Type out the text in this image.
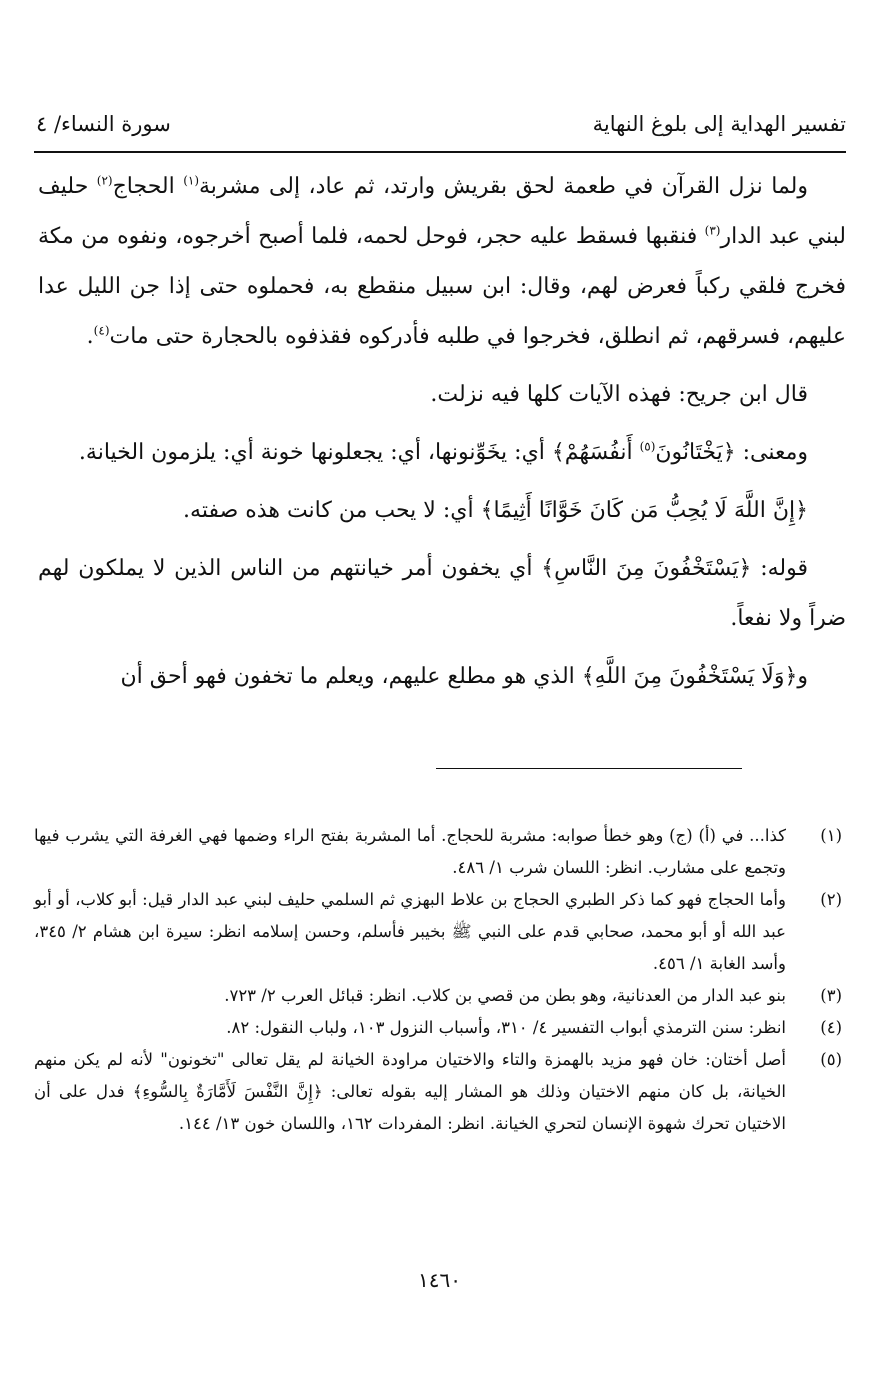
تفسير الهداية إلى بلوغ النهاية
سورة النساء/ ٤

ولما نزل القرآن في طعمة لحق بقريش وارتد، ثم عاد، إلى مشربة$^{(١)}$ الحجاج$^{(٢)}$ حليف لبني عبد الدار$^{(٣)}$ فنقبها فسقط عليه حجر، فوحل لحمه، فلما أصبح أخرجوه، ونفوه من مكة فخرج فلقي ركباً فعرض لهم، وقال: ابن سبيل منقطع به، فحملوه حتى إذا جن الليل عدا عليهم، فسرقهم، ثم انطلق، فخرجوا في طلبه فأدركوه فقذفوه بالحجارة حتى مات$^{(٤)}$.

قال ابن جريح: فهذه الآيات كلها فيه نزلت.

ومعنى: ﴿يَخْتَانُونَ$^{(٥)}$ أَنفُسَهُمْ﴾ أي: يخَوِّنونها، أي: يجعلونها خونة أي: يلزمون الخيانة.

﴿إِنَّ اللَّهَ لَا يُحِبُّ مَن كَانَ خَوَّانًا أَثِيمًا﴾ أي: لا يحب من كانت هذه صفته.

قوله: ﴿يَسْتَخْفُونَ مِنَ النَّاسِ﴾ أي يخفون أمر خيانتهم من الناس الذين لا يملكون لهم ضراً ولا نفعاً.

و﴿وَلَا يَسْتَخْفُونَ مِنَ اللَّهِ﴾ الذي هو مطلع عليهم، ويعلم ما تخفون فهو أحق أن

(١)
كذا... في (أ) (ج) وهو خطأ صوابه: مشربة للحجاج. أما المشربة بفتح الراء وضمها فهي الغرفة التي يشرب فيها وتجمع على مشارب. انظر: اللسان شرب ١/ ٤٨٦.
(٢)
وأما الحجاج فهو كما ذكر الطبري الحجاج بن علاط البهزي ثم السلمي حليف لبني عبد الدار قيل: أبو كلاب، أو أبو عبد الله أو أبو محمد، صحابي قدم على النبي ﷺ بخيبر فأسلم، وحسن إسلامه انظر: سيرة ابن هشام ٢/ ٣٤٥، وأسد الغابة ١/ ٤٥٦.
(٣)
بنو عبد الدار من العدنانية، وهو بطن من قصي بن كلاب. انظر: قبائل العرب ٢/ ٧٢٣.
(٤)
انظر: سنن الترمذي أبواب التفسير ٤/ ٣١٠، وأسباب النزول ١٠٣، ولباب النقول: ٨٢.
(٥)
أصل أختان: خان فهو مزيد بالهمزة والتاء والاختيان مراودة الخيانة لم يقل تعالى "تخونون" لأنه لم يكن منهم الخيانة، بل كان منهم الاختيان وذلك هو المشار إليه بقوله تعالى: ﴿إِنَّ النَّفْسَ لَأَمَّارَةٌ بِالسُّوءِ﴾ فدل على أن الاختيان تحرك شهوة الإنسان لتحري الخيانة. انظر: المفردات ١٦٢، واللسان خون ١٣/ ١٤٤.
١٤٦٠
